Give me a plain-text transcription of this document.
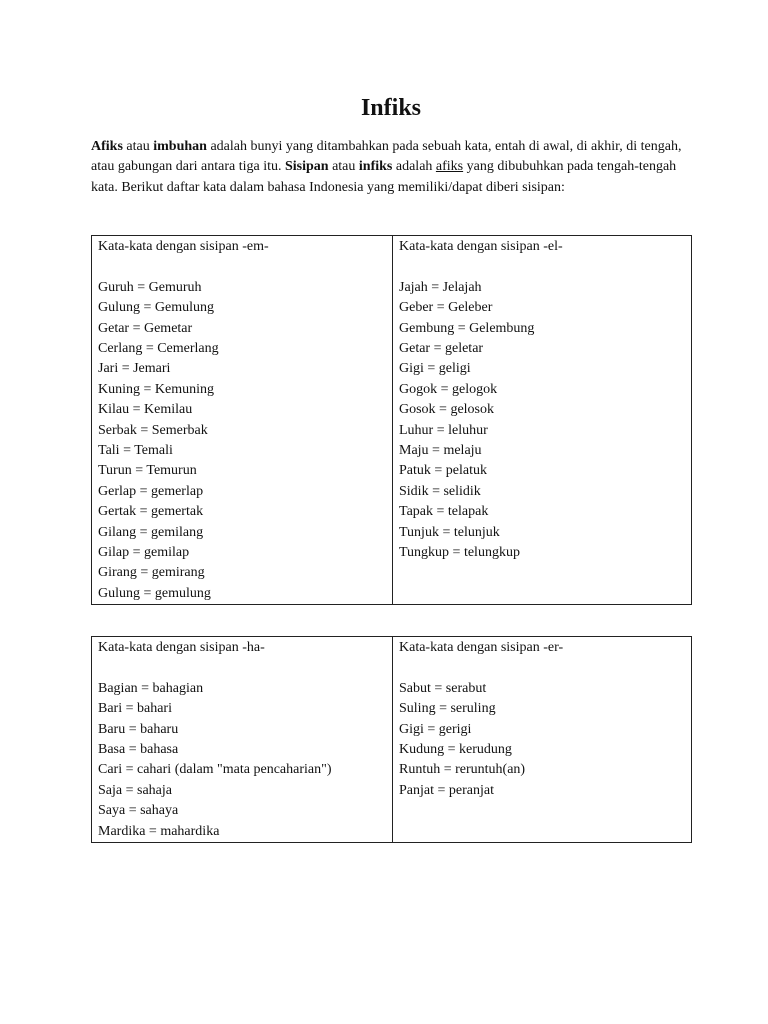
Infiks
Afiks atau imbuhan adalah bunyi yang ditambahkan pada sebuah kata, entah di awal, di akhir, di tengah, atau gabungan dari antara tiga itu. Sisipan atau infiks adalah afiks yang dibubuhkan pada tengah-tengah kata. Berikut daftar kata dalam bahasa Indonesia yang memiliki/dapat diberi sisipan:
Kata-kata dengan sisipan -em-
Guruh = Gemuruh
Gulung = Gemulung
Getar = Gemetar
Cerlang = Cemerlang
Jari = Jemari
Kuning = Kemuning
Kilau = Kemilau
Serbak = Semerbak
Tali = Temali
Turun = Temurun
Gerlap = gemerlap
Gertak = gemertak
Gilang = gemilang
Gilap = gemilap
Girang = gemirang
Gulung = gemulung

Kata-kata dengan sisipan -el-
Jajah = Jelajah
Geber = Geleber
Gembung = Gelembung
Getar = geletar
Gigi = geligi
Gogok = gelogok
Gosok = gelosok
Luhur = leluhur
Maju = melaju
Patuk = pelatuk
Sidik = selidik
Tapak = telapak
Tunjuk = telunjuk
Tungkup = telungkup
Kata-kata dengan sisipan -ha-
Bagian = bahagian
Bari = bahari
Baru = baharu
Basa = bahasa
Cari = cahari (dalam "mata pencaharian")
Saja = sahaja
Saya = sahaya
Mardika = mahardika

Kata-kata dengan sisipan -er-
Sabut = serabut
Suling = seruling
Gigi = gerigi
Kudung = kerudung
Runtuh = reruntuh(an)
Panjat = peranjat
